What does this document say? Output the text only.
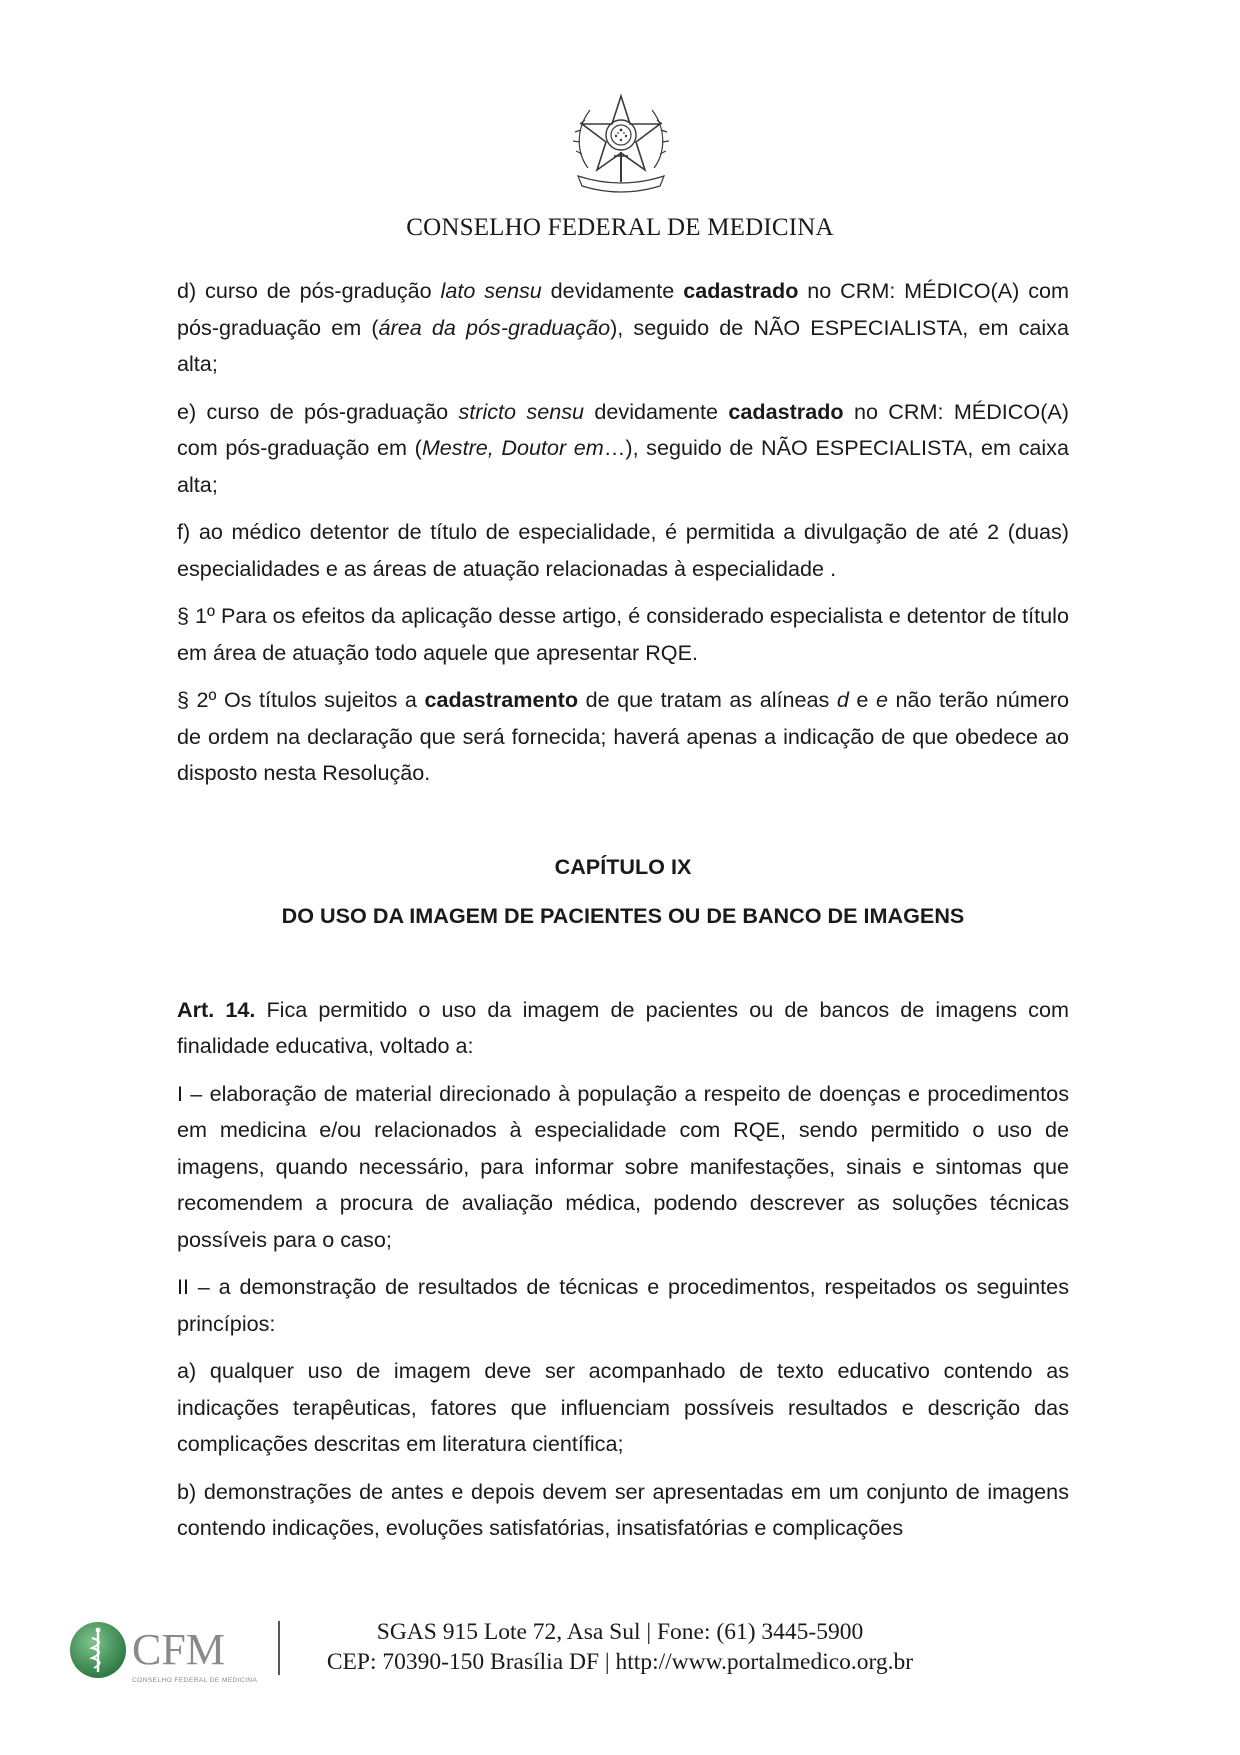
CONSELHO FEDERAL DE MEDICINA

d) curso de pós-gradução lato sensu devidamente cadastrado no CRM: MÉDICO(A) com pós-graduação em (área da pós-graduação), seguido de NÃO ESPECIALISTA, em caixa alta;

e) curso de pós-graduação stricto sensu devidamente cadastrado no CRM: MÉDICO(A) com pós-graduação em (Mestre, Doutor em…), seguido de NÃO ESPECIALISTA, em caixa alta;

f) ao médico detentor de título de especialidade, é permitida a divulgação de até 2 (duas) especialidades e as áreas de atuação relacionadas à especialidade .

§ 1º Para os efeitos da aplicação desse artigo, é considerado especialista e detentor de título em área de atuação todo aquele que apresentar RQE.

§ 2º Os títulos sujeitos a cadastramento de que tratam as alíneas d e e não terão número de ordem na declaração que será fornecida; haverá apenas a indicação de que obedece ao disposto nesta Resolução.

CAPÍTULO IX

DO USO DA IMAGEM DE PACIENTES OU DE BANCO DE IMAGENS

Art. 14. Fica permitido o uso da imagem de pacientes ou de bancos de imagens com finalidade educativa, voltado a:

I – elaboração de material direcionado à população a respeito de doenças e procedimentos em medicina e/ou relacionados à especialidade com RQE, sendo permitido o uso de imagens, quando necessário, para informar sobre manifestações, sinais e sintomas que recomendem a procura de avaliação médica, podendo descrever as soluções técnicas possíveis para o caso;

II – a demonstração de resultados de técnicas e procedimentos, respeitados os seguintes princípios:

a) qualquer uso de imagem deve ser acompanhado de texto educativo contendo as indicações terapêuticas, fatores que influenciam possíveis resultados e descrição das complicações descritas em literatura científica;

b) demonstrações de antes e depois devem ser apresentadas em um conjunto de imagens contendo indicações, evoluções satisfatórias, insatisfatórias e complicações

CFM
CONSELHO FEDERAL DE MEDICINA
SGAS 915 Lote 72, Asa Sul | Fone: (61) 3445-5900
CEP: 70390-150 Brasília DF | http://www.portalmedico.org.br
